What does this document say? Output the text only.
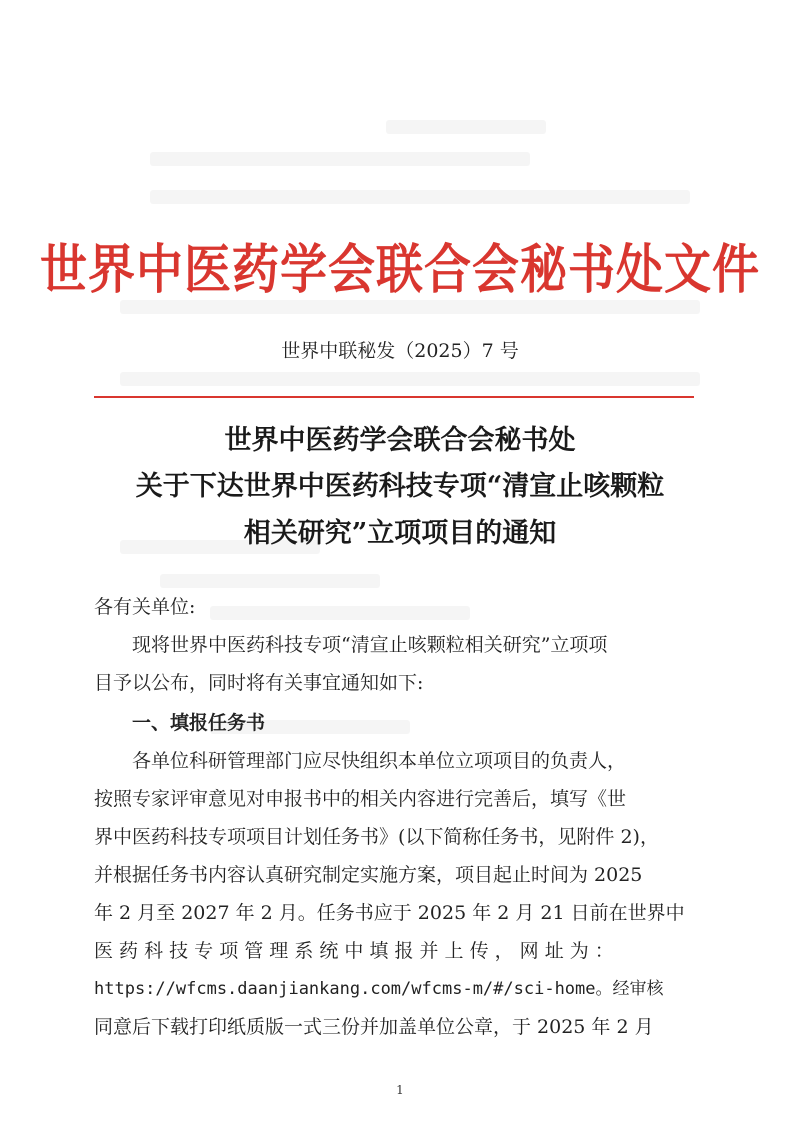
世界中医药学会联合会秘书处文件
世界中联秘发（2025）7 号
世界中医药学会联合会秘书处
关于下达世界中医药科技专项“清宣止咳颗粒
相关研究”立项项目的通知
各有关单位:
现将世界中医药科技专项“清宣止咳颗粒相关研究”立项项
目予以公布，同时将有关事宜通知如下:
一、填报任务书
各单位科研管理部门应尽快组织本单位立项项目的负责人，
按照专家评审意见对申报书中的相关内容进行完善后，填写《世
界中医药科技专项项目计划任务书》(以下简称任务书，见附件 2)，
并根据任务书内容认真研究制定实施方案，项目起止时间为 2025
年 2 月至 2027 年 2 月。任务书应于 2025 年 2 月 21 日前在世界中
医 药 科 技 专 项 管 理 系 统 中 填 报 并 上 传 ， 网 址 为 ：
https://wfcms.daanjiankang.com/wfcms-m/#/sci-home。经审核
同意后下载打印纸质版一式三份并加盖单位公章，于 2025 年 2 月
1
